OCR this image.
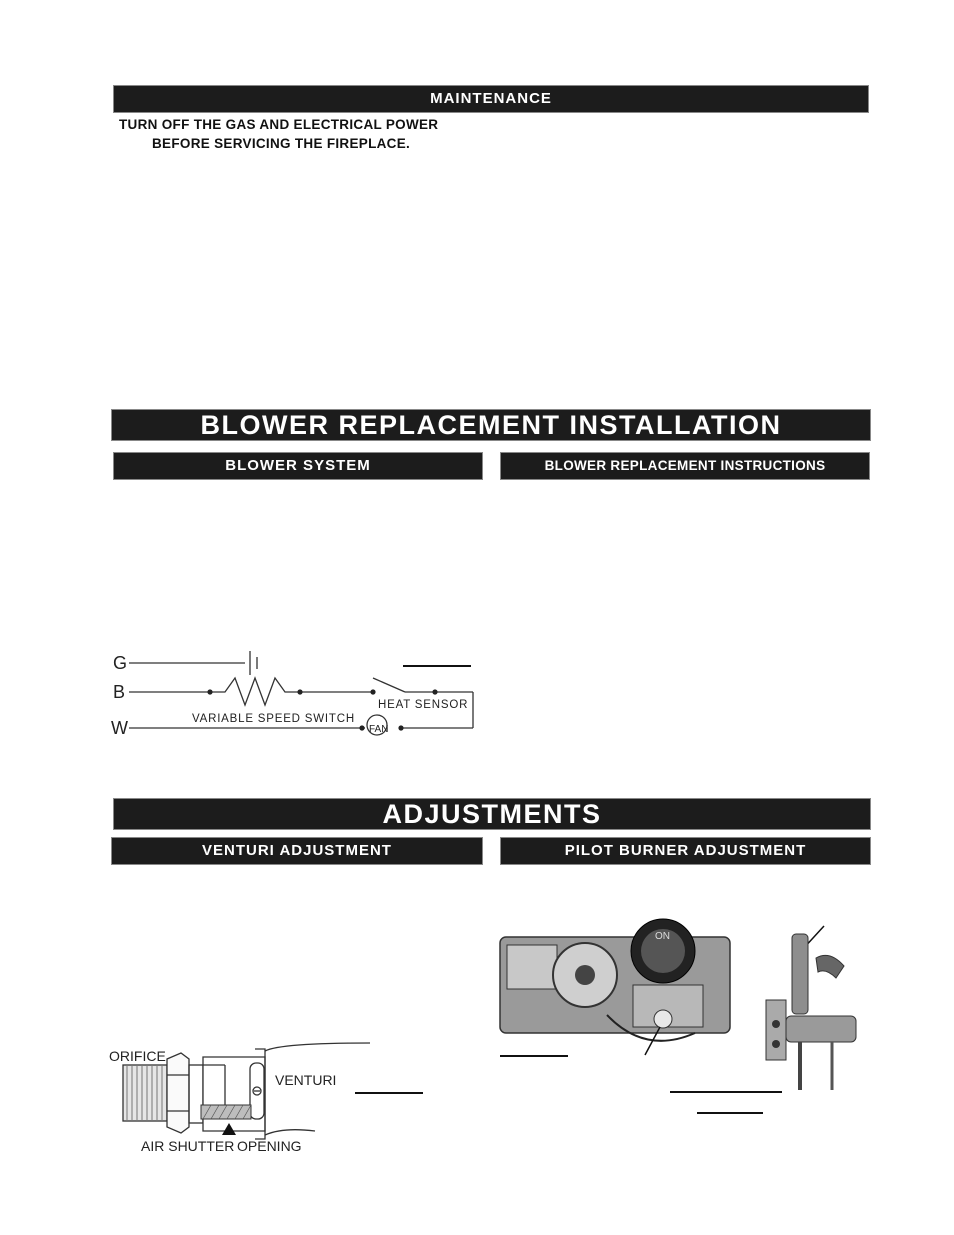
MAINTENANCE
TURN OFF THE GAS AND ELECTRICAL POWER
BEFORE SERVICING THE FIREPLACE.
BLOWER REPLACEMENT INSTALLATION
BLOWER SYSTEM	BLOWER REPLACEMENT INSTRUCTIONS
G
B
W	VARIABLE SPEED SWITCH
HEAT SENSOR
FAN
ADJUSTMENTS
VENTURI ADJUSTMENT	PILOT BURNER ADJUSTMENT
ORIFICE
VENTURI
AIR SHUTTER OPENING
ON
